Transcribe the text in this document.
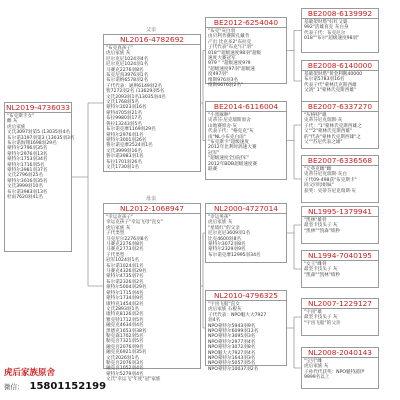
父亲
母亲
NL2019-4736033
"布克斯卡女"
雌 灰
虎后家族
文氏3097羽第5 (13035羽4名
布尔诺3197羽第3 (13035羽3名
布尔诺海翔1698羽29名
蒙特尔2796羽35名
蒙特尔2976羽13名
蒙特尔1753羽34名
蒙特尔1716羽5名
蒙特尔3981羽37名
文氏2796羽25名
蒙特尔3016羽35名
文氏3999羽10名
布尔诺3983羽13名
杜雨7620羽41名
NL2016-4782692
"布克真孩子"
虎后家族 灰
尼尔克尼1024羽4名
尼尔克尼1024羽1名
马赛克2276羽8名
布克尼真3976羽1名
布尔诺纳6578羽2名
子代代表：通则6149羽2名
智7272羽2名 (13629羽5名
文氏2093羽1名13035羽4名
文氏1768羽5名
蒙特尔3023羽16名
蒙特4705羽21名
布拉9980羽17名
鲁拉13243羽5名
布尔诺克摩1169羽29名
蒙特尔2976羽1名
蒙特尔3001羽26名
鲁尔诺克摩2524羽1名
文氏3999羽16名
鲁尔诺3983羽1名
布拉1701羽26名
文氏1730羽1名
NL2012-1068947
"幸运克孩子"
幸运克孩子"幸运飞母"直女"
虎后家族 灰
子代类型
马克尼尔2276羽8名
马赛克2276羽8名
马赛克2773羽2名
子代类型
冠军1024羽1名
布尔诺1024羽1名
马赛克4326羽29名
蒙特尔4735羽7名
布尔诺2326羽2名
蒙特尔5004羽29名
蒙特尔1715羽4名
蒙特尔1734羽9名
康特克1454羽2名
文氏2893羽1名
康特克8126羽2名
雅克特1712羽5名
融克克4634羽4名
黑德克1653羽38名
勒克森1702羽5名
勒克吾7321羽5名
融克吾2076羽9名
融克克6921羽35名
文氏2026羽1名
勒克吾2076羽3名
融克吾1052羽4名
蒙特尔5279羽4名
文氏"幸运飞"年度"冠"家族
BE2012-6254040
"布克"灰白羽
由贝利肯赛斯孔戴肯
产出 比克多2"布拉克
子代代表"布克"日"羽"
018""超级速度98羽"超级
速度大赛冠军
979 " "超级速度9?9
"超级速度97羽"超级速
度497羽"
维斯976羽3名
维斯6676羽2名"
BE2014-6116004
"小黑麻种"
史蒂芬·尼克瑞斯原舍
山地赛原舍·灰
代表子代："格克克"灰
雨"NL小布克白雨"
"布克斯卡"超级速度
2012年比利时鸽速大赛
冠军"
"超级速度全国冠军"
2012年BDB超级速度赛
联赛
NL2000-4727014
"幸运男孩"
虎后家族 灰
"星绩红"的父亲
尼尔克尼3609羽1名
比克4600羽8名
蒙特尔3072羽8名
蒙特尔2329羽9名
布尔诺克摩12995羽34名
NL2010-4796325
"宇宙飞船"直女
虎后家族 石板灰
子代代表：NPO魁大大7927
羽4名
NPO蒙特尔5943羽9名
NPO蒙特尔6099羽13名
NPO蒙特尔3095羽3名
NPO蒙特尔2977羽4名
NPO蒙特尔3072羽8名
NPO魁大大7927羽4名
NPO蒙特尔1643羽3名
NPO蒙特尔5057羽5名
NPO蒙特尔10037羽2名
BE2008-6139992
基础架时塔"好红又婆
992"活雄育克 灰白身
代表子代：布克尼尔
018""布尔"超级速度98羽"
BE2008-6140000
基础架时塔"黄金利鹅40000
布尔诺5783羽16名
代表子代"蒙林氏克斯西雄
父鸽" 1"蒙林氏克斯西雄"
BE2007-6337270
"灰格特"雄
史蒂芬尼克瑞斯·灰
子代："1"蒙林氏克斯西雄之
父""2"蒙林氏克斯西雄"
的"代表"蒙林氏克斯西雄"之
父""苏尼代表之雄"
BE2007-6336568
"元英克雌"雌
史蒂芬尼克瑞斯·灰白
子代09-498获"布克斯卡"
同父同母姐妹"
获奖：史蒂芬尼克瑞斯·灰
NL1995-1379941
"凯林"雄骨
最坚卡技头子 灰
"凯林""凯森"绩秒
NL1994-7040195
"女王"雌骨
最坚卡技头子 灰
"凯森""凯林"绩秒
NL2007-1229127
"宇宙"雄
最坚卡技头子 灰
"宇宙飞船"的父亲
NL2008-2040143
"宝贝"雌
虎后家族 灰
子孙代代获奖：NPO魁特浦伊
9999名以上
虎后家族原舍
微信： 15801152199
